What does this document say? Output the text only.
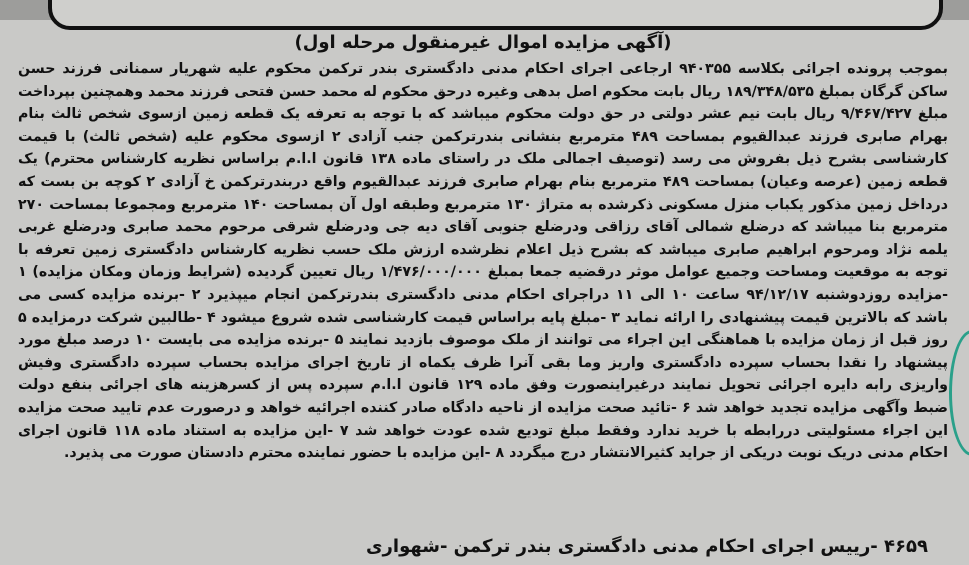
(آگهی مزایده اموال غیرمنقول مرحله اول)

بموجب پرونده اجرائی بکلاسه ۹۴۰۳۵۵ ارجاعی اجرای احکام مدنی دادگستری بندر ترکمن محکوم علیه شهریار سمنانی فرزند حسن ساکن گرگان بمبلغ ۱۸۹/۳۴۸/۵۳۵ ریال بابت محکوم اصل بدهی وغیره درحق محکوم له محمد حسن فتحی فرزند محمد وهمچنین بپرداخت مبلغ ۹/۴۶۷/۴۲۷ ریال بابت نیم عشر دولتی در حق دولت محکوم میباشد که با توجه به تعرفه یک قطعه زمین ازسوی شخص ثالث بنام بهرام صابری فرزند عبدالقیوم بمساحت ۴۸۹ مترمربع بنشانی بندرترکمن جنب آزادی ۲ ازسوی محکوم علیه (شخص ثالث) با قیمت کارشناسی بشرح ذیل بفروش می رسد (توصیف اجمالی ملک در راستای ماده ۱۳۸ قانون ا.ا.م براساس نظریه کارشناس محترم) یک قطعه زمین (عرصه وعیان) بمساحت ۴۸۹ مترمربع بنام بهرام صابری فرزند عبدالقیوم واقع دربندرترکمن خ آزادی ۲ کوچه بن بست که درداخل زمین مذکور یکباب منزل مسکونی ذکرشده به متراژ ۱۳۰ مترمربع وطبقه اول آن بمساحت ۱۴۰ مترمربع ومجموعا بمساحت ۲۷۰ مترمربع بنا میباشد که درضلع شمالی آقای رزاقی ودرضلع جنوبی آقای دیه جی ودرضلع شرقی مرحوم محمد صابری ودرضلع غربی یلمه نژاد ومرحوم ابراهیم صابری میباشد که بشرح ذیل اعلام نظرشده ارزش ملک حسب نظریه کارشناس دادگستری زمین تعرفه با توجه به موقعیت ومساحت وجمیع عوامل موثر درقضیه جمعا بمبلغ ۱/۴۷۶/۰۰۰/۰۰۰ ریال تعیین گردیده (شرایط وزمان ومکان مزایده) ۱ -مزایده روزدوشنبه ۹۴/۱۲/۱۷ ساعت ۱۰ الی ۱۱ دراجرای احکام مدنی دادگستری بندرترکمن انجام میپذیرد ۲ -برنده مزایده کسی می باشد که بالاترین قیمت پیشنهادی را ارائه نماید ۳ -مبلغ پایه براساس قیمت کارشناسی شده شروع میشود ۴ -طالبین شرکت درمزایده ۵ روز قبل از زمان مزایده با هماهنگی این اجراء می توانند از ملک موصوف بازدید نمایند ۵ -برنده مزایده می بایست ۱۰ درصد مبلغ مورد پیشنهاد را نقدا بحساب سپرده دادگستری واریز وما بقی آنرا ظرف یکماه از تاریخ اجرای مزایده بحساب سپرده دادگستری وفیش واریزی رابه دایره اجرائی تحویل نمایند درغیراینصورت وفق ماده ۱۲۹ قانون ا.ا.م سپرده پس از کسرهزینه های اجرائی بنفع دولت ضبط وآگهی مزایده تجدید خواهد شد ۶ -تائید صحت مزایده از ناحیه دادگاه صادر کننده اجرائیه خواهد و درصورت عدم تایید صحت مزایده این اجراء مسئولیتی دررابطه با خرید ندارد وفقط مبلغ تودیع شده عودت خواهد شد ۷ -این مزایده به استناد ماده ۱۱۸ قانون اجرای احکام مدنی دریک نوبت دریکی از جراید کثیرالانتشار درج میگردد ۸ -این مزایده با حضور نماینده محترم دادستان صورت می پذیرد.

۴۶۵۹ -رییس اجرای احکام مدنی دادگستری بندر ترکمن -شهواری
